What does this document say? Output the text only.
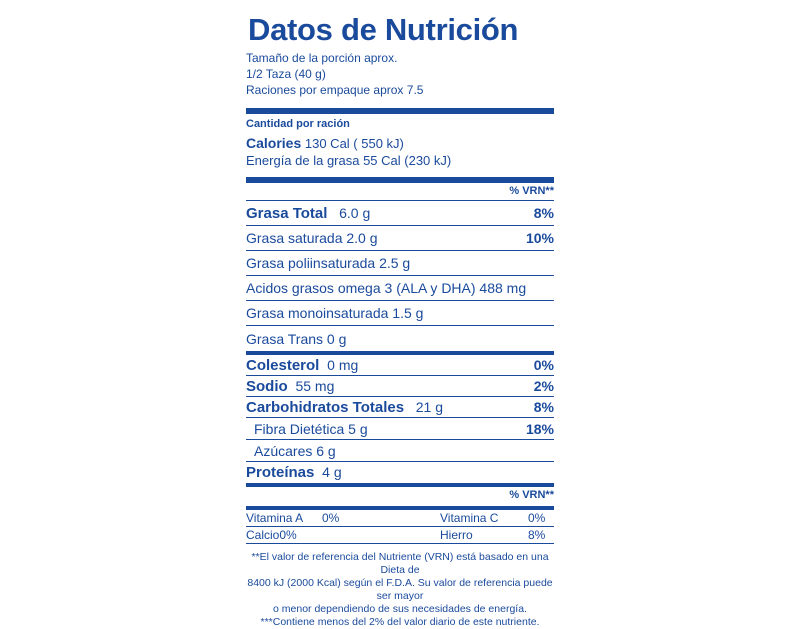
Datos de Nutrición
Tamaño de la porción aprox.
1/2 Taza (40 g)
Raciones por empaque aprox 7.5
Cantidad por ración
Calories 130 Cal ( 550 kJ)
Energía de la grasa 55 Cal (230 kJ)
% VRN**
Grasa Total 6.0 g	8%
Grasa saturada 2.0 g	10%
Grasa poliinsaturada 2.5 g
Acidos grasos omega 3 (ALA y DHA) 488 mg
Grasa monoinsaturada 1.5 g
Grasa Trans 0 g
Colesterol 0 mg	0%
Sodio 55 mg	2%
Carbohidratos Totales 21 g	8%
Fibra Dietética 5 g	18%
Azúcares 6 g
Proteínas 4 g
% VRN**
Vitamina A	0%	Vitamina C	0%

Calcio0%		Hierro	8%
**El valor de referencia del Nutriente (VRN) está basado en una Dieta de
8400 kJ (2000 Kcal) según el F.D.A. Su valor de referencia puede ser mayor
o menor dependiendo de sus necesidades de energía.
***Contiene menos del 2% del valor diario de este nutriente.
